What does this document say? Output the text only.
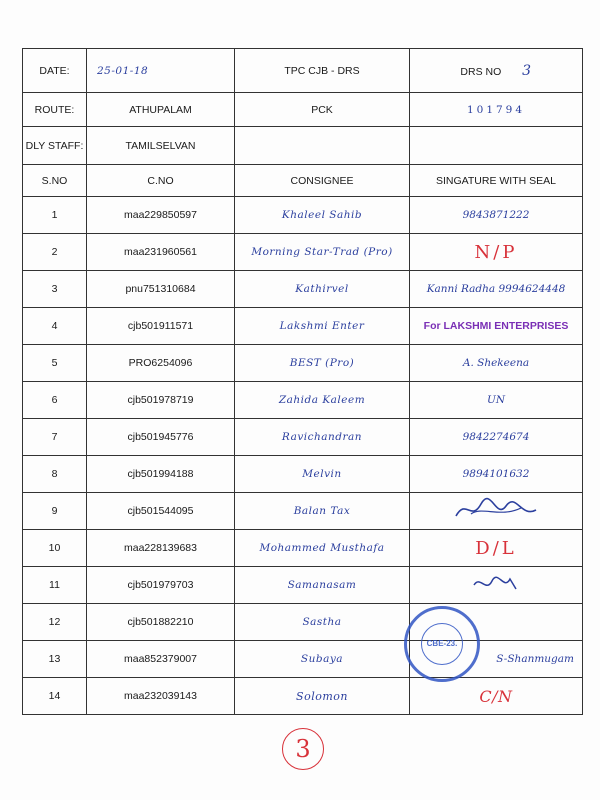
DATE:	25-01-18	TPC CJB - DRS	DRS NO 3
ROUTE:	ATHUPALAM	PCK	101794
DLY STAFF:	TAMILSELVAN		
S.NO	C.NO	CONSIGNEE	SINGATURE WITH SEAL
1	maa229850597	Khaleel Sahib	9843871222
2	maa231960561	Morning Star-Trad (Pro)	N/P
3	pnu751310684	Kathirvel	Kanni Radha 9994624448
4	cjb501911571	Lakshmi Enter	For LAKSHMI ENTERPRISES
5	PRO6254096	BEST (Pro)	A. Shekeena
6	cjb501978719	Zahida Kaleem	UN
7	cjb501945776	Ravichandran	9842274674
8	cjb501994188	Melvin	9894101632
9	cjb501544095	Balan Tax	
10	maa228139683	Mohammed Musthafa	D/L
11	cjb501979703	Samanasam	
12	cjb501882210	Sastha	
13	maa852379007	Subaya	S-Shanmugam
14	maa232039143	Solomon	C/N
CBE-23.
3
